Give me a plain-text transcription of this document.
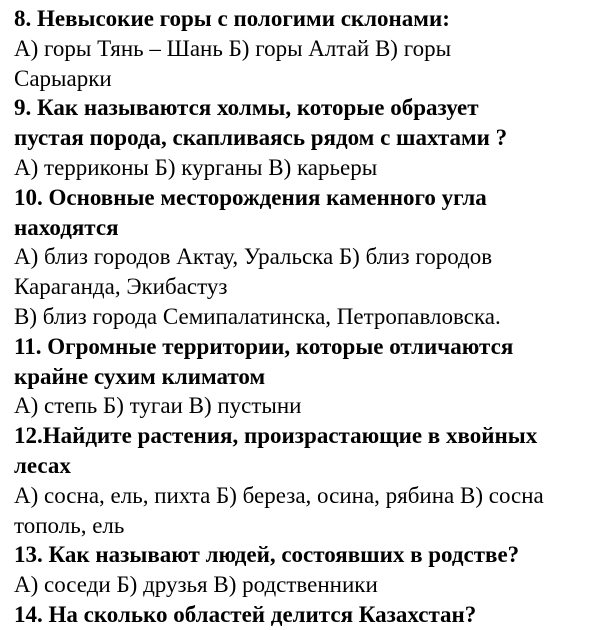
8. Невысокие горы с пологими склонами:
А) горы Тянь – Шань Б) горы Алтай В) горы
Сарыарки
9. Как называются холмы, которые образует
пустая порода, скапливаясь рядом с шахтами ?
А) терриконы Б) курганы В) карьеры
10. Основные месторождения каменного угла
находятся
А) близ городов Актау, Уральска Б) близ городов
Караганда, Экибастуз
В) близ города Семипалатинска, Петропавловска.
11. Огромные территории, которые отличаются
крайне сухим климатом
А) степь Б) тугаи В) пустыни
12.Найдите растения, произрастающие в хвойных
лесах
А) сосна, ель, пихта Б) береза, осина, рябина В) сосна
тополь, ель
13. Как называют людей, состоявших в родстве?
А) соседи Б) друзья В) родственники
14. На сколько областей делится Казахстан?
